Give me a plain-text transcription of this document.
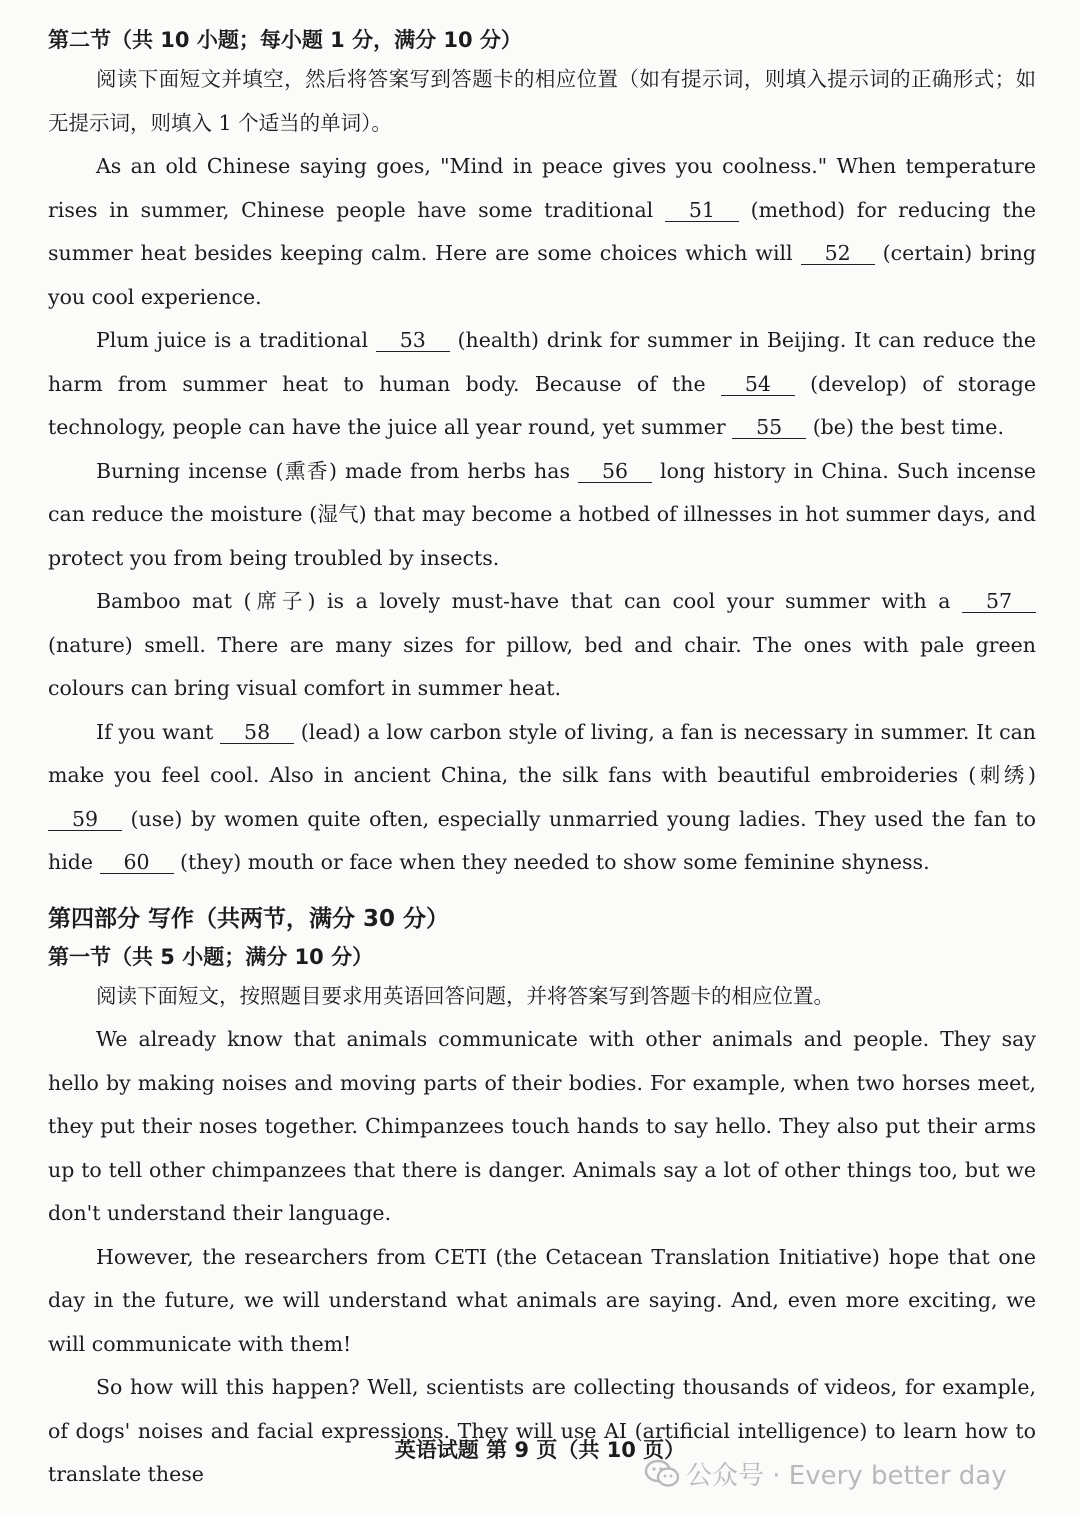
第二节（共 10 小题；每小题 1 分，满分 10 分）

阅读下面短文并填空，然后将答案写到答题卡的相应位置（如有提示词，则填入提示词的正确形式；如无提示词，则填入 1 个适当的单词）。

As an old Chinese saying goes, "Mind in peace gives you coolness." When temperature rises in summer, Chinese people have some traditional 51 (method) for reducing the summer heat besides keeping calm. Here are some choices which will 52 (certain) bring you cool experience.

Plum juice is a traditional 53 (health) drink for summer in Beijing. It can reduce the harm from summer heat to human body. Because of the 54 (develop) of storage technology, people can have the juice all year round, yet summer 55 (be) the best time.

Burning incense (熏香) made from herbs has 56 long history in China. Such incense can reduce the moisture (湿气) that may become a hotbed of illnesses in hot summer days, and protect you from being troubled by insects.

Bamboo mat (席子) is a lovely must-have that can cool your summer with a 57 (nature) smell. There are many sizes for pillow, bed and chair. The ones with pale green colours can bring visual comfort in summer heat.

If you want 58 (lead) a low carbon style of living, a fan is necessary in summer. It can make you feel cool. Also in ancient China, the silk fans with beautiful embroideries (刺绣) 59 (use) by women quite often, especially unmarried young ladies. They used the fan to hide 60 (they) mouth or face when they needed to show some feminine shyness.

第四部分 写作（共两节，满分 30 分）
第一节（共 5 小题；满分 10 分）

阅读下面短文，按照题目要求用英语回答问题，并将答案写到答题卡的相应位置。

We already know that animals communicate with other animals and people. They say hello by making noises and moving parts of their bodies. For example, when two horses meet, they put their noses together. Chimpanzees touch hands to say hello. They also put their arms up to tell other chimpanzees that there is danger. Animals say a lot of other things too, but we don't understand their language.

However, the researchers from CETI (the Cetacean Translation Initiative) hope that one day in the future, we will understand what animals are saying. And, even more exciting, we will communicate with them!

So how will this happen? Well, scientists are collecting thousands of videos, for example, of dogs' noises and facial expressions. They will use AI (artificial intelligence) to learn how to translate these

英语试题 第 9 页（共 10 页）
公众号 · Every better day
